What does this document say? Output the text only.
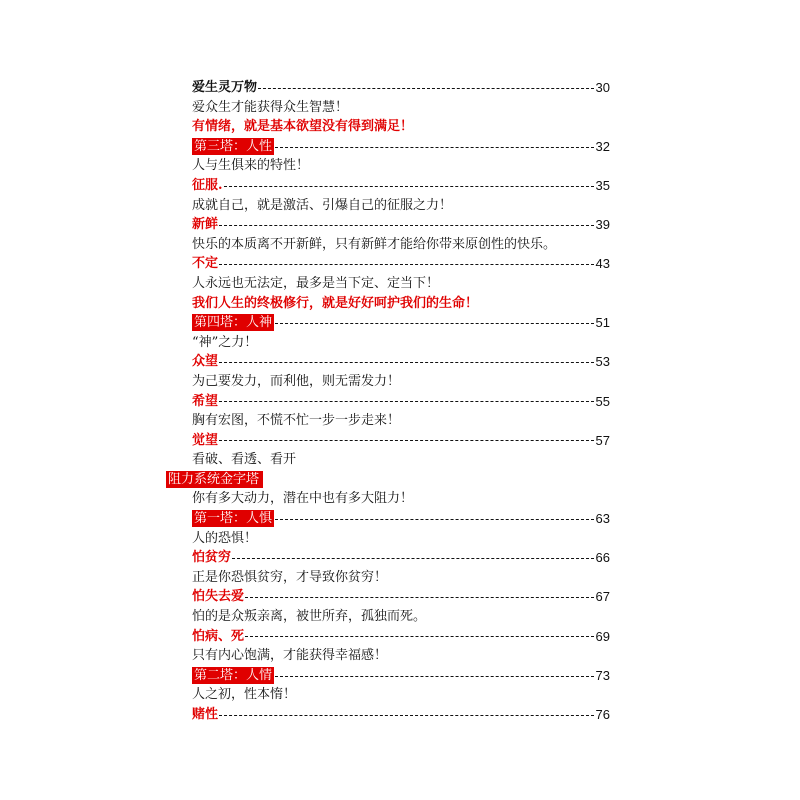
爱生灵万物	30
爱众生才能获得众生智慧！
有情绪，就是基本欲望没有得到满足！
第三塔：人性	32
人与生俱来的特性！
征服.	35
成就自己，就是激活、引爆自己的征服之力！
新鲜	39
快乐的本质离不开新鲜，只有新鲜才能给你带来原创性的快乐。
不定	43
人永远也无法定，最多是当下定、定当下！
我们人生的终极修行，就是好好呵护我们的生命！
第四塔：人神	51
“神”之力！
众望	53
为己要发力，而利他，则无需发力！
希望	55
胸有宏图，不慌不忙一步一步走来！
觉望	57
看破、看透、看开
阻力系统金字塔
你有多大动力，潜在中也有多大阻力！
第一塔：人惧	63
人的恐惧！
怕贫穷	66
正是你恐惧贫穷，才导致你贫穷！
怕失去爱	67
怕的是众叛亲离，被世所弃，孤独而死。
怕病、死	69
只有内心饱满，才能获得幸福感！
第二塔：人情	73
人之初，性本惰！
赌性	76
